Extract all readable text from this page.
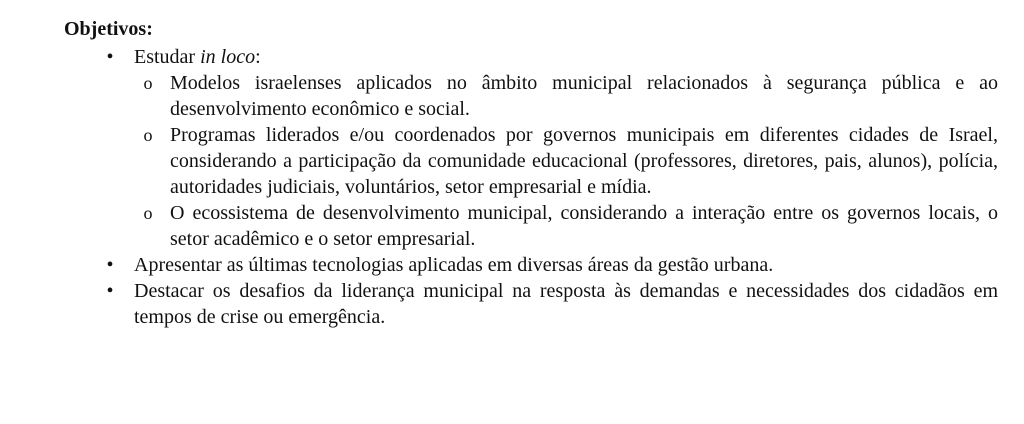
Objetivos:
•	Estudar in loco:
o Modelos israelenses aplicados no âmbito municipal relacionados à segurança pública e ao desenvolvimento econômico e social.
o Programas liderados e/ou coordenados por governos municipais em diferentes cidades de Israel, considerando a participação da comunidade educacional (professores, diretores, pais, alunos), polícia, autoridades judiciais, voluntários, setor empresarial e mídia.
o O ecossistema de desenvolvimento municipal, considerando a interação entre os governos locais, o setor acadêmico e o setor empresarial.
•	Apresentar as últimas tecnologias aplicadas em diversas áreas da gestão urbana.
•	Destacar os desafios da liderança municipal na resposta às demandas e necessidades dos cidadãos em tempos de crise ou emergência.
